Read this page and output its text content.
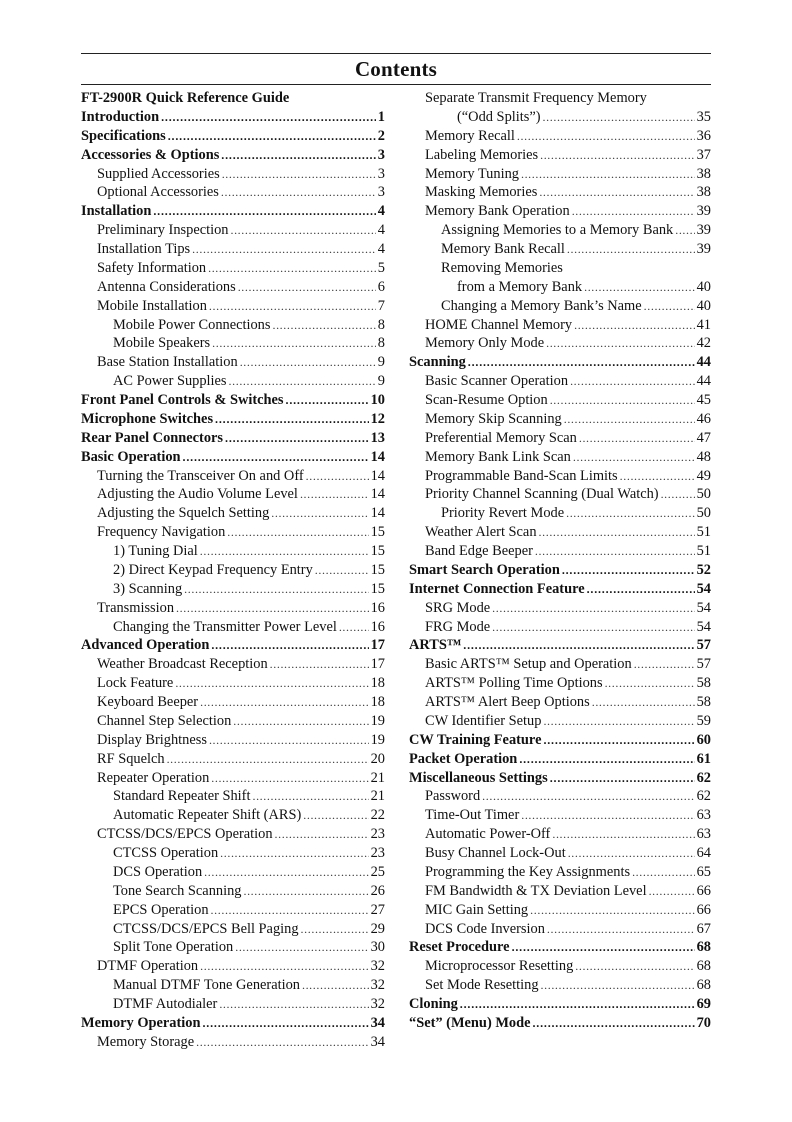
Contents
FT-2900R Quick Reference Guide
Introduction .....	1
Specifications .....	2
Accessories & Options .....	3
Supplied Accessories .....	3
Optional Accessories .....	3
Installation .....	4
Preliminary Inspection .....	4
Installation Tips .....	4
Safety Information .....	5
Antenna Considerations .....	6
Mobile Installation .....	7
Mobile Power Connections .....	8
Mobile Speakers .....	8
Base Station Installation .....	9
AC Power Supplies .....	9
Front Panel Controls & Switches .....	10
Microphone Switches .....	12
Rear Panel Connectors .....	13
Basic Operation .....	14
Turning the Transceiver On and Off .....	14
Adjusting the Audio Volume Level .....	14
Adjusting the Squelch Setting .....	14
Frequency Navigation .....	15
1) Tuning Dial .....	15
2) Direct Keypad Frequency Entry .....	15
3) Scanning .....	15
Transmission .....	16
Changing the Transmitter Power Level ..... 16
Advanced Operation .....	17
Weather Broadcast Reception .....	17
Lock Feature .....	18
Keyboard Beeper .....	18
Channel Step Selection .....	19
Display Brightness .....	19
RF Squelch .....	20
Repeater Operation .....	21
Standard Repeater Shift .....	21
Automatic Repeater Shift (ARS) .....	22
CTCSS/DCS/EPCS Operation .....	23
CTCSS Operation .....	23
DCS Operation .....	25
Tone Search Scanning .....	26
EPCS Operation .....	27
CTCSS/DCS/EPCS Bell Paging .....	29
Split Tone Operation .....	30
DTMF Operation .....	32
Manual DTMF Tone Generation .....	32
DTMF Autodialer .....	32
Memory Operation .....	34
Memory Storage .....	34
Separate Transmit Frequency Memory
(“Odd Splits”) .....	35
Memory Recall .....	36
Labeling Memories .....	37
Memory Tuning .....	38
Masking Memories .....	38
Memory Bank Operation .....	39
Assigning Memories to a Memory Bank ..... 39
Memory Bank Recall .....	39
Removing Memories
from a Memory Bank .....	40
Changing a Memory Bank’s Name .....	40
HOME Channel Memory .....	41
Memory Only Mode .....	42
Scanning .....	44
Basic Scanner Operation .....	44
Scan-Resume Option .....	45
Memory Skip Scanning .....	46
Preferential Memory Scan .....	47
Memory Bank Link Scan .....	48
Programmable Band-Scan Limits .....	49
Priority Channel Scanning (Dual Watch) .....	50
Priority Revert Mode .....	50
Weather Alert Scan .....	51
Band Edge Beeper .....	51
Smart Search Operation .....	52
Internet Connection Feature .....	54
SRG Mode .....	54
FRG Mode .....	54
ARTS™ .....	57
Basic ARTS™ Setup and Operation .....	57
ARTS™ Polling Time Options .....	58
ARTS™ Alert Beep Options .....	58
CW Identifier Setup .....	59
CW Training Feature .....	60
Packet Operation .....	61
Miscellaneous Settings .....	62
Password .....	62
Time-Out Timer .....	63
Automatic Power-Off .....	63
Busy Channel Lock-Out .....	64
Programming the Key Assignments .....	65
FM Bandwidth & TX Deviation Level .....	66
MIC Gain Setting .....	66
DCS Code Inversion .....	67
Reset Procedure .....	68
Microprocessor Resetting .....	68
Set Mode Resetting .....	68
Cloning .....	69
“Set” (Menu) Mode .....	70
